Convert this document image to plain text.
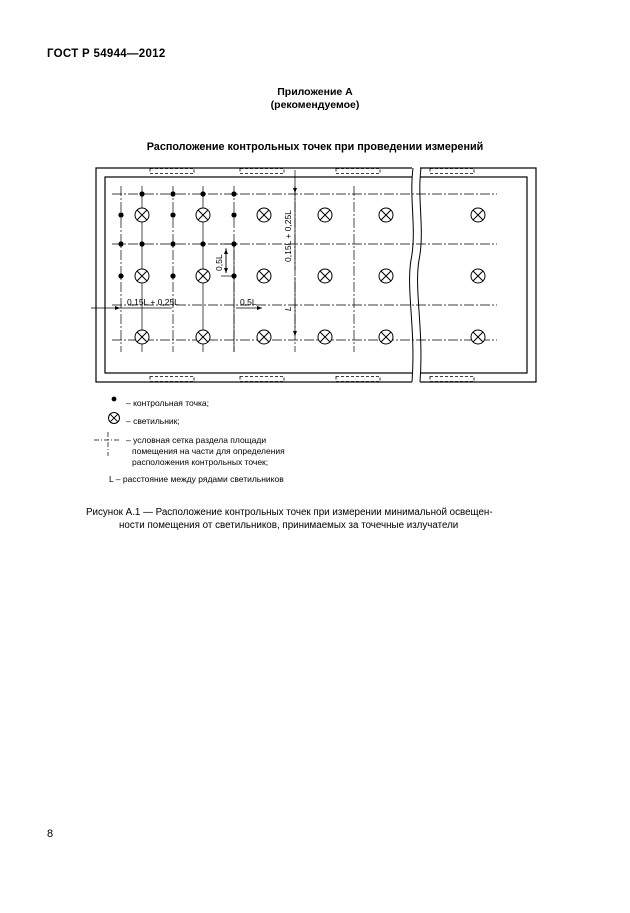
ГОСТ Р 54944—2012
Приложение А
(рекомендуемое)
Расположение контрольных точек при проведении измерений
0,15L + 0,25L
L
0,5L
0,15L + 0,25L	0,5L
– контрольная точка;
– светильник;
– условная сетка раздела площади
помещения на части для определения
расположения контрольных точек;
L – расстояние между рядами светильников
Рисунок А.1 — Расположение контрольных точек при измерении минимальной освещен-
ности помещения от светильников, принимаемых за точечные излучатели
8
